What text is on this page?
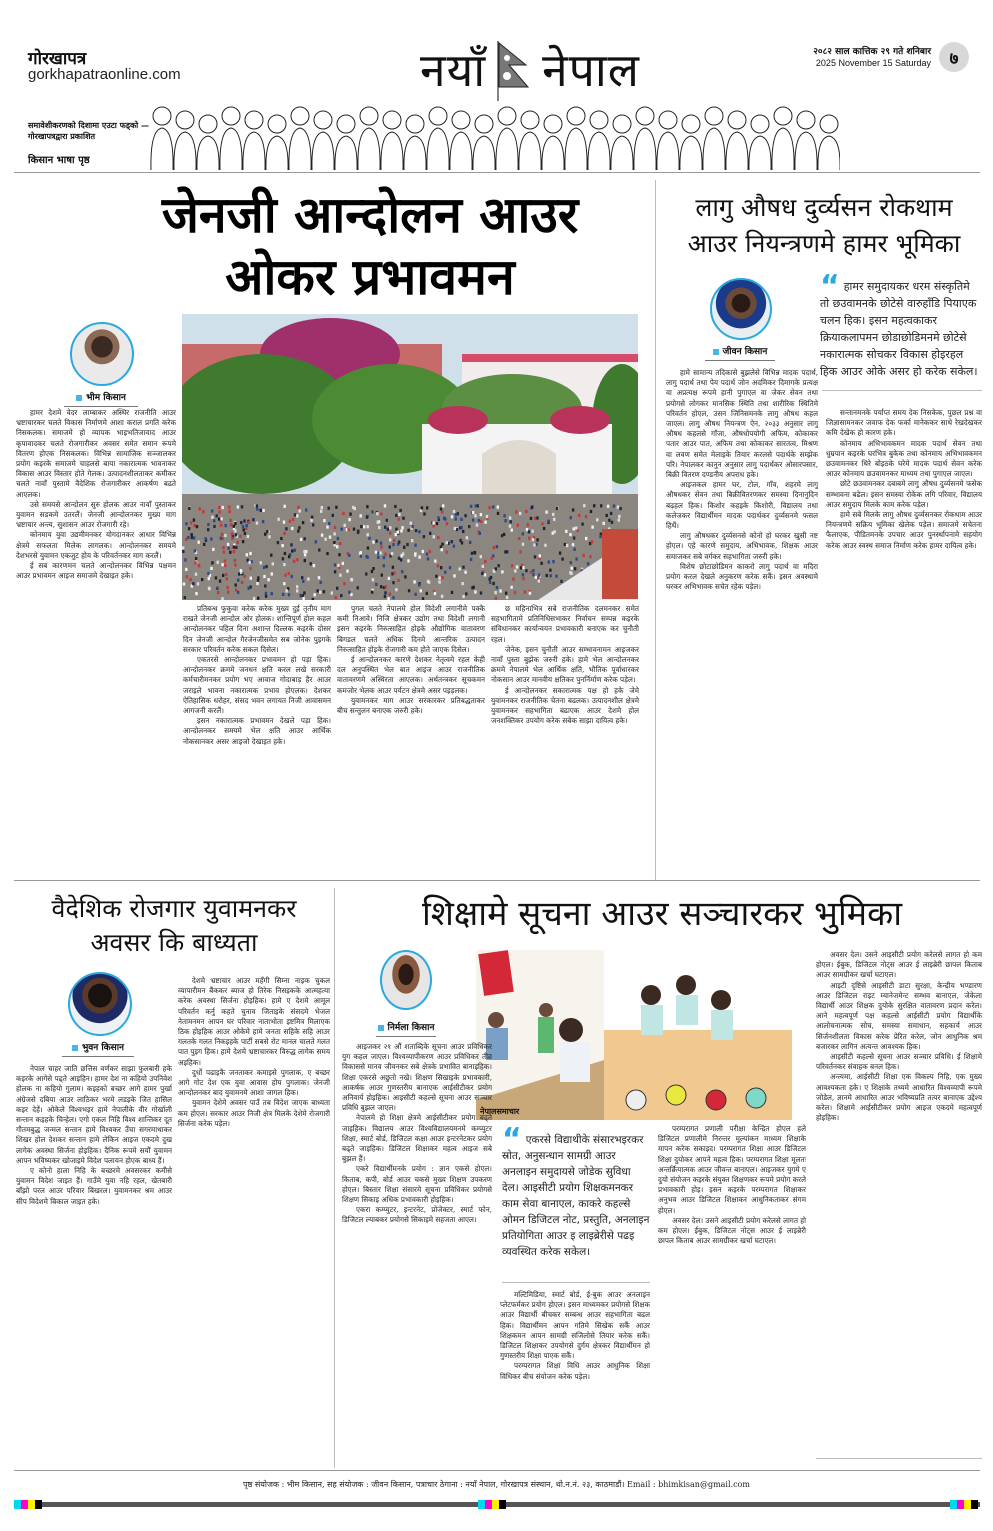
गोरखापत्र
gorkhapatraonline.com
समावेशीकरणको दिशामा एउटा फड्को — गोरखापत्रद्वारा प्रकाशित
किसान भाषा पृष्ठ
नयाँ नेपाल	२०८२ साल कात्तिक २९ गते शनिबार
2025 November 15 Saturday	७
जेनजी आन्दोलन आउर
ओकर प्रभावमन
भीम किसान

हामर देशमे वेदर लाम्बाकर अस्थिर राजनीति आउर भ्रष्टाचारकर चलते विकास निर्माणमे आशा कराल प्रगति करेक निसकलक। समाजमे हो व्यापक भाइभतिजावाद आउर कृपावादकर चलते रोजगारीकर अवसर समेत समान रूपमे वितरण होएक निसकलक। विभिन्न सामाजिक सञ्जालकर प्रयोग कइरके समाजमे चाहलसे बाया नकारात्मक भावनाकर विकास आउर विस्तार होते गेलक। उत्पादनशीलताकर कमीकर चलते नावाँ पुस्तामे वैदेशिक रोजगारीकर आकर्षण बढते आएलक।

उसे समयसे आन्दोलन सुरु होलक आउर नावाँ पुस्ताकर युवामन सडकमे उतरलैं। जेनजी आन्दोलनकर मुख्य माग भ्रष्टाचार अन्त्य, सुशासन आउर रोजगारी रहे।

कोनमाय युवा उद्यमीमनकर योगदानकर आधार विभिन्न क्षेत्रमे सफलता मिलेक लागलक। आन्दोलनकर समयमे देशभरसे युवामन एकजुट होय के परिवर्तनकर माग करलैं।

ई सब कारणमन चलते आन्दोलनकर विभिन्न पक्षमन आउर प्रभावमन आइज समाजमे देखाइत हके।

प्रतिबन्ध फुकुवा करेक करेक मुख्य दुई तृतीय माग राखते जेनजी आन्दोल ओर होलक। शान्तिपूर्ण होल कहल आन्दोलनकर पहिल दिना अशान्त दिल्लक कइरके दोसर दिन जेनजी आन्दोल गैरजेनजीसमेत सब जोनेक पुइगके सरकार परिवर्तन करेक सकल दिसेल।

एकतरसे आन्दोलनकर प्रभावमन हो पड़ा हिक। आन्दोलनकर क्रममे जनधन क्षति करल लखे सरकारी कर्मचारीमनकर प्रयोग भए आवाज गोदाबाड़ हैर आउर जराइले भावना नकारात्मक प्रभाव होएलक। देशकर ऐतिहासिक धरोहर, संसद भवन लगायत निजी आवासमन आगजनी करलैं।

इसन नकारात्मक प्रभावमन देखले पड़ा हिक। आन्दोलनकर समयमे भेल क्षति आउर आर्थिक नोकसानकर असर आइजो देखाइत हके।

पुगल चलते नेपालमे होल विदेशी लगानीमे पक्कै कमी निआवे। निजि क्षेत्रकर उद्योग तथा विदेशी लगानी इसन कइरके निरुत्साहित होइके औद्योगिक वातावरण बिगडल चलते अधिक दिनमे आन्तरिक उत्पादन निरुत्साहित होइके रोजगारी कम होते जाएक दिसेल।

ई आन्दोलनकर कारणे देशकर नेतृत्वमे रहल केही दल अनुपस्थित भेल बात आइज आउर राजनीतिक वातावरणमे अस्थिरता आएलक। अर्थतन्त्रकर सूचकमन कमजोर भेलक आउर पर्यटन क्षेत्रमे असर पइड़लक।

युवामनकर माग आउर सरकारकर प्रतिबद्धताकर बीच सन्तुलन बनाएक जरुरी हके।

छ महिनाभित्र सबे राजनीतिक दलमनकर समेत सहभागितामे प्रतिनिधिसभाकर निर्वाचन सम्पन्न कइरके संविधानकर कार्यान्वयन प्रभावकारी बनाएक कर चुनौती रहल।

जेनेक, इसन चुनौती आउर सम्भावनामन आइजकर नावाँ पुस्ता बुझेक जरुरी हके। हामे भेल आन्दोलनकर क्रममे नेपालमे भेल आर्थिक क्षति, भौतिक पूर्वाधारकर नोकसान आउर मानवीय क्षतिकर पुनर्निर्माण करेक पड़ेल।

ई आन्दोलनकर सकारात्मक पक्ष हो हके जेमे युवामनकर राजनीतिक चेतना बढलक। उत्पादनशील क्षेत्रमे युवामनकर सहभागिता बढाएक आउर देशमे होल जनशक्तिकर उपयोग करेक सबेक साझा दायित्व हके।

लागु औषध दुर्व्यसन रोकथाम
आउर नियन्त्रणमे हामर भूमिका
जीवन किसान
“ हामर समुदायकर धरम संस्कृतिमे तो छउवामनके छोटेसे वारुहाँडि पियाएक चलन हिक। इसन महत्वकाकर क्रियाकलापमन छोडाछोडिमनमे छोटेसे नकारात्मक सोचकर विकास होइरहल हिक आउर ओके असर हो करेक सकेल।

हामे सामान्य तदिकासे बुझलेसे विभिन्न मादक पदार्थ, लागु पदार्थ तथा पेय पदार्थ जोन अदमिकर दिमागके प्रत्यक्ष वा अप्रत्यक्ष रूपमे हानी पुगाएल वा जेकर सेवन तथा प्रयोगसे लोगकर मानसिक स्थिति तथा शारीरिक स्थितिमे परिवर्तन होएल, उसन जिनिसमनके लागु औषध कहल जाएल। लागु औषध नियन्त्रण ऐन, २०३३ अनुसार लागु औषध कहलसे गाँजा, औषधोपयोगी अफिम, कोकाकर पतार आउर पात, अफिम तथा कोकाकर सारतत्व, मिश्रण वा लवण समेत मेलाइके तियार करलसे पदार्थके सम्झेक परि। नेपालकर कानुन अनुसार लागु पदार्थकर ओसारपसार, बिक्री वितरण दण्डनीय अपराध हके।

आइजकल हामर घर, टोल, गाँव, शहरमे लागु औषधकर सेवन तथा बिक्रीवितरणकर समस्या दिनानुदिन बढ़हल हिक। किशोर कहइके किशोरी, विद्यालय तथा कलेजकर विद्यार्थीमन मादक पदार्थकर दुर्व्यसनमे फसल हिथैं।

लागु औषधकर दुर्व्यसनसे कोनो हो घरकर खुसी नष्ट होएल। एहे कारणे समुदाय, अभिभावक, शिक्षक आउर समाजकर सबे वर्गकर सहभागिता जरुरी हके।

विशेष छोटाछोडिमन काकरो लागु पदार्थ वा मदिरा प्रयोग करल देखले अनुकरण करेक सकैं। इसन अवस्थामे घरकर अभिभावक सचेत रहेक पड़ेल।

सन्तानमनके पर्याप्त समय देक निसकेक, पुछल प्रश्न वा जिज्ञासामनकर जवाफ देक फर्का मानेककर साथे रेखदेखकर कमि देखेक हो कारण हके।

कोनमाय अभिभावकमन मादक पदार्थ सेवन तथा धुम्रपान कइरके घरभित्र बुकेक तथा कोनमाय अभिभावकमन छउवामनकर थिरे बोइठके घरेमे मादक पदार्थ सेवन करेक आउर कोनमाय छउवामनकर माध्यम तथा पुगाएल जाएल।

छोटे छउवामनकर दबाबमे लागु औषध दुर्व्यसनमे फसेक सम्भावना बढेल। इसन समस्या रोकेक लगि परिवार, विद्यालय आउर समुदाय मिलके काम करेक पड़ेल।

हामे सबे मिलके लागु औषध दुर्व्यसनकर रोकथाम आउर नियन्त्रणमे सक्रिय भूमिका खेलेक पड़ेल। समाजमे सचेतना फैलाएक, पीडितमनके उपचार आउर पुनर्स्थापनामे सहयोग करेक आउर स्वस्थ समाज निर्माण करेक हामर दायित्व हके।

वैदेशिक रोजगार युवामनकर
अवसर कि बाध्यता
भुवन किसान

नेपाल चाहर जाति छत्तिस वर्णकर साझा फुलबारी हके कइरके आगेसे पढ्ते आइहिन। हामर देश ना कहियो उपनिवेश होलक ना कहियो गुलाम। कइहको बच्छर आगे हामर पुर्खा अंग्रेजसे दबिया आउर लाठिकर भरमे लडइके जित हासिल कइर देहें। ओकेले विश्वभइर हामे नेपालीके वीर गोर्खाली सन्तान कइहके चिन्हेल। एगो एकल निहि विश्व शान्तिकर दूत गौतमबुद्ध जन्मल सन्तान हामे विश्वकर उँचा सगरमाथाकर शिखर होल देशकर सन्तान हामे लेकिन आइज एकदमे दुख लागेक अवस्था सिर्जना होइहिक। दैनिक रूपमे सयौं युवामन आपन भविष्यकर खोजाइमे विदेश पलायन होएक बाध्य हैं।

ए कोनो हाला निहि के बच्छरमे अवसरकर कमीसे युवामन विदेश जाइत हैं। गाउँमे युवा नहि रहल, खेतबारी बाँझो परल आउर परिवार बिखरल। युवामनकर श्रम आउर सीप विदेशमे बिकाल जाइत हके।

देशमे भ्रष्टाचार आउर महँगी सिम्ना नाइक चुकल व्यापारीमन बैंककर ब्याज हो तिरेक निसइकके आत्महत्या करेक अवस्था सिर्जना होइहिक। हामे ए देशमे आमूल परिवर्तन कर्नु कहते चुनाव जिताइके संसदमे भेजल नेतामनमन आपन घर परिवार नाताभोता इष्टमित्र मिलाएक ठिक होइहिक आउर ओकेमे हामे जनता सहिके सहि आउर गलतके गलत निकइहके पार्टी सबसे रोट मानल चालते गलत पात पुइग हिक। हामे देशमे भ्रष्टाचारकर विरुद्ध लागेक समय अइहिक।

दुर्धो पढाइकै जनताकर कमाइसे पुगलाक, ए बच्छर आगे गोट देश एक युवा आवास होय पुगलाक। जेनजी आन्दोलनकर बाद युवामनमे आशा जागल हिक।

युवामन देशेमे अवसर पाउँ तब विदेश जाएक बाध्यता कम होएल। सरकार आउर निजी क्षेत्र मिलके देशेमे रोजगारी सिर्जना करेक पड़ेल।

शिक्षामे सूचना आउर सञ्चारकर भुमिका
निर्मला किसान
नेपालसमाचार
“ एकरसे विद्याथीके संसारभइरकर स्रोत, अनुसन्धान सामग्री आउर अनलाइन समुदायसे जोडेक सुविधा देल। आइसीटी प्रयोग शिक्षकमनकर काम सेवा बानाएल, काकरे कहल्से ओमन डिजिटल नोट, प्रस्तुति, अनलाइन प्रतियोगिता आउर इ लाइब्रेरीसे पढइ व्यवस्थित करेक सकेल।

आइजकर २१ औं शताब्दिके सूचना आउर प्रविधिकर युग कहल जाएल। विश्वव्यापीकरण आउर प्रविधिकर तीव्र विकाससे मानव जीवनकर सबे क्षेत्रके प्रभावित बानाइहिक। शिक्षा एकरसे अछुतो नखे। शिक्षण सिखाइके प्रभावकारी, आकर्षक आउर गुणस्तरीय बानाएक आईसीटीकर प्रयोग अनिवार्य होइहिक। आइसीटी कहल्से सूचना आउर सञ्चार प्रविधि बुझल जाएल।

नेपालमे हो शिक्षा क्षेत्रमे आईसीटीकर प्रयोग बढ्ते जाइहिक। विद्यालय आउर विश्वविद्यालयमनमे कम्प्युटर शिक्षा, स्मार्ट बोर्ड, डिजिटल कक्षा आउर इन्टरनेटकर प्रयोग बढ्ते जाइहिक। डिजिटल शिक्षाकर महत्व आइज सबे बुझल हैं।

एकरे विद्यार्थीमनके प्रयोग : ज्ञान एकसे होएल। किताब, कपी, बोर्ड आउर चकसे मुख्य शिक्षण उपकरण होएल। बिस्तार शिक्षा संसारमे सूचना प्रविधिकर प्रयोगसे शिक्षण सिकाइ अधिक प्रभावकारी होइहिक।

एकरा कम्प्युटर, इन्टरनेट, प्रोजेक्टर, स्मार्ट फोन, डिजिटल ल्याबकर प्रयोगसे सिकाइमे सहजता आएल।

मल्टिमिडिया, स्मार्ट बोर्ड, ई-बुक आउर अनलाइन प्लेटफर्मकर प्रयोग होएल। इसन माध्यमकर प्रयोगसे शिक्षक आउर विद्यार्थी बीचकर सम्बन्ध आउर सहभागिता बढल हिक। विद्यार्थीमन आपन गतिमे सिखेक सकैं आउर शिक्षकमन आपन सामग्री सजिलोसे तियार करेक सकैं। डिजिटल शिक्षाकर उपयोगसे दुर्गम क्षेत्रकर विद्यार्थीमन हो गुणस्तरीय शिक्षा पाएक सकैं।

परम्परागत शिक्षा विधि आउर आधुनिक शिक्षा विधिकर बीच संयोजन करेक पड़ेल।

परम्परागत प्रणाली परीक्षा केन्द्रित होएल हले डिजिटल प्रणालीमे निरन्तर मूल्यांकन माध्यम शिक्षाके मापन करेक सकाइद। परम्परागत शिक्षा आउर डिजिटल शिक्षा दुयोकर आपने महत्व हिक। परम्परागत शिक्षा मूलतः अन्तर्क्रियात्मक आउर जीवन्त बानाएल। आइजकर युगमे ए दुयो संयोजन कइरके संयुक्त शिक्षणकर रूपमे प्रयोग करले प्रभावकारी होइ। इसन कइरके परम्परागत शिक्षाकर अनुभव आउर डिजिटल शिक्षाकर आधुनिकताकर संगम होएल।

अवसर देल। उसने आइसीटी प्रयोग करेलसे लागत हो कम होएल। ईबुक, डिजिटल नोट्स आउर ई लाइब्रेरी छापल किताब आउर सामग्रीकर खर्चा घटाएल।

अवसर देल। उसने आइसीटी प्रयोग करेलसे लागत हो कम होएल। ईबुक, डिजिटल नोट्स आउर ई लाइब्रेरी छापल किताब आउर सामग्रीकर खर्चा घटाएल।

आइटी दृष्टिसे आइसीटी डाटा सुरक्षा, केन्द्रीय भण्डारण आउर डिजिटल राइट म्यानेजमेन्ट सम्भव बानाएल, जेकेला विद्यार्थी आउर शिक्षक दुयोके सुरक्षित वातावरण प्रदान करेल। आने महत्वपूर्ण पक्ष कहल्से आईसीटी प्रयोग विद्यार्थीके आलोचनात्मक सोच, समस्या समाधान, सहकार्य आउर सिर्जनशीलता विकास करेक प्रेरित करेल, जोन आधुनिक श्रम बजारकर लागिन अत्यन्त आवश्यक हिक।

आइसीटी कहल्से सूचना आउर सञ्चार प्रविधि। ई शिक्षामे परिवर्तनकर संवाहक बनल हिक।

अन्त्यमा, आईसीटी शिक्षा एक विकल्प निहि, एक मुख्य आवश्यकता हके। ए शिक्षाके तथ्यमे आधारित विश्वव्यापी रूपमे जोडेल, ज्ञानमे आधारित आउर भविष्यप्रति तत्पर बानाएक उद्देश्य करेल। शिक्षामे आईसीटीकर प्रयोग आइज एकदमे महत्वपूर्ण होइहिक।

पृष्ठ संयोजक : भीम किसान, सह संयोजक : जीवन किसान, पत्राचार ठेगाना : नयाँ नेपाल, गोरखापत्र संस्थान, थो.न.नं. २३, काठमाडौं। Email : bhimkisan@gmail.com
